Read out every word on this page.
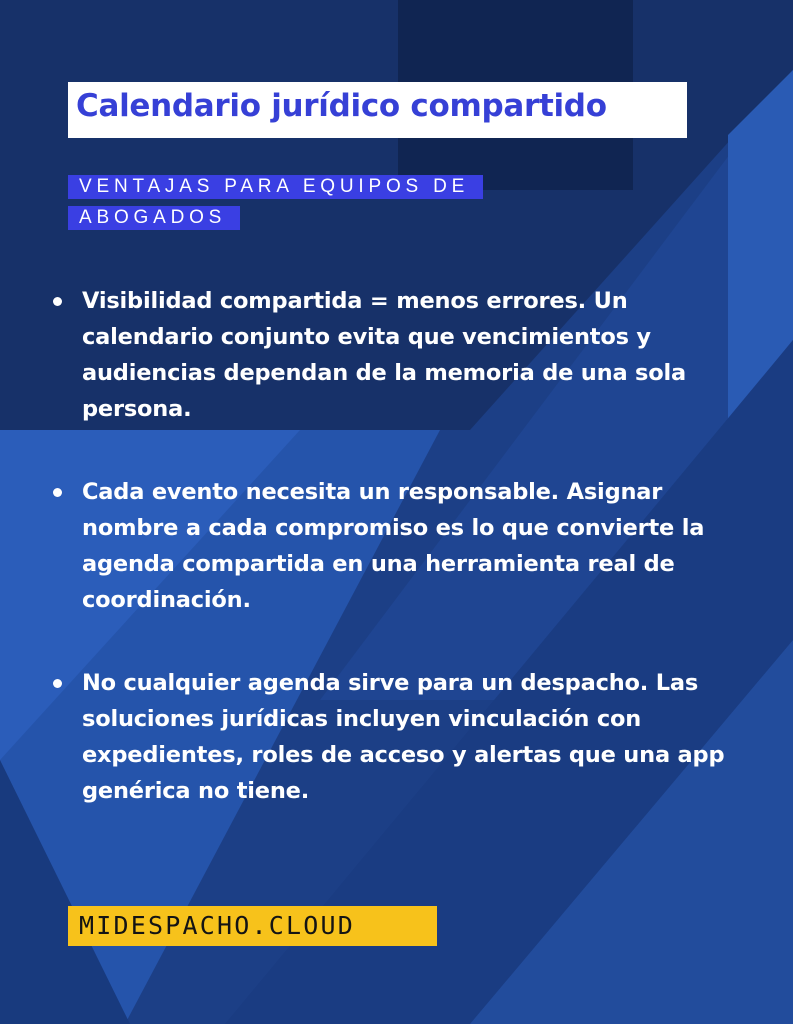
Calendario jurídico compartido
VENTAJAS PARA EQUIPOS DE ABOGADOS
Visibilidad compartida = menos errores. Un calendario conjunto evita que vencimientos y audiencias dependan de la memoria de una sola persona.
Cada evento necesita un responsable. Asignar nombre a cada compromiso es lo que convierte la agenda compartida en una herramienta real de coordinación.
No cualquier agenda sirve para un despacho. Las soluciones jurídicas incluyen vinculación con expedientes, roles de acceso y alertas que una app genérica no tiene.
MIDESPACHO.CLOUD
